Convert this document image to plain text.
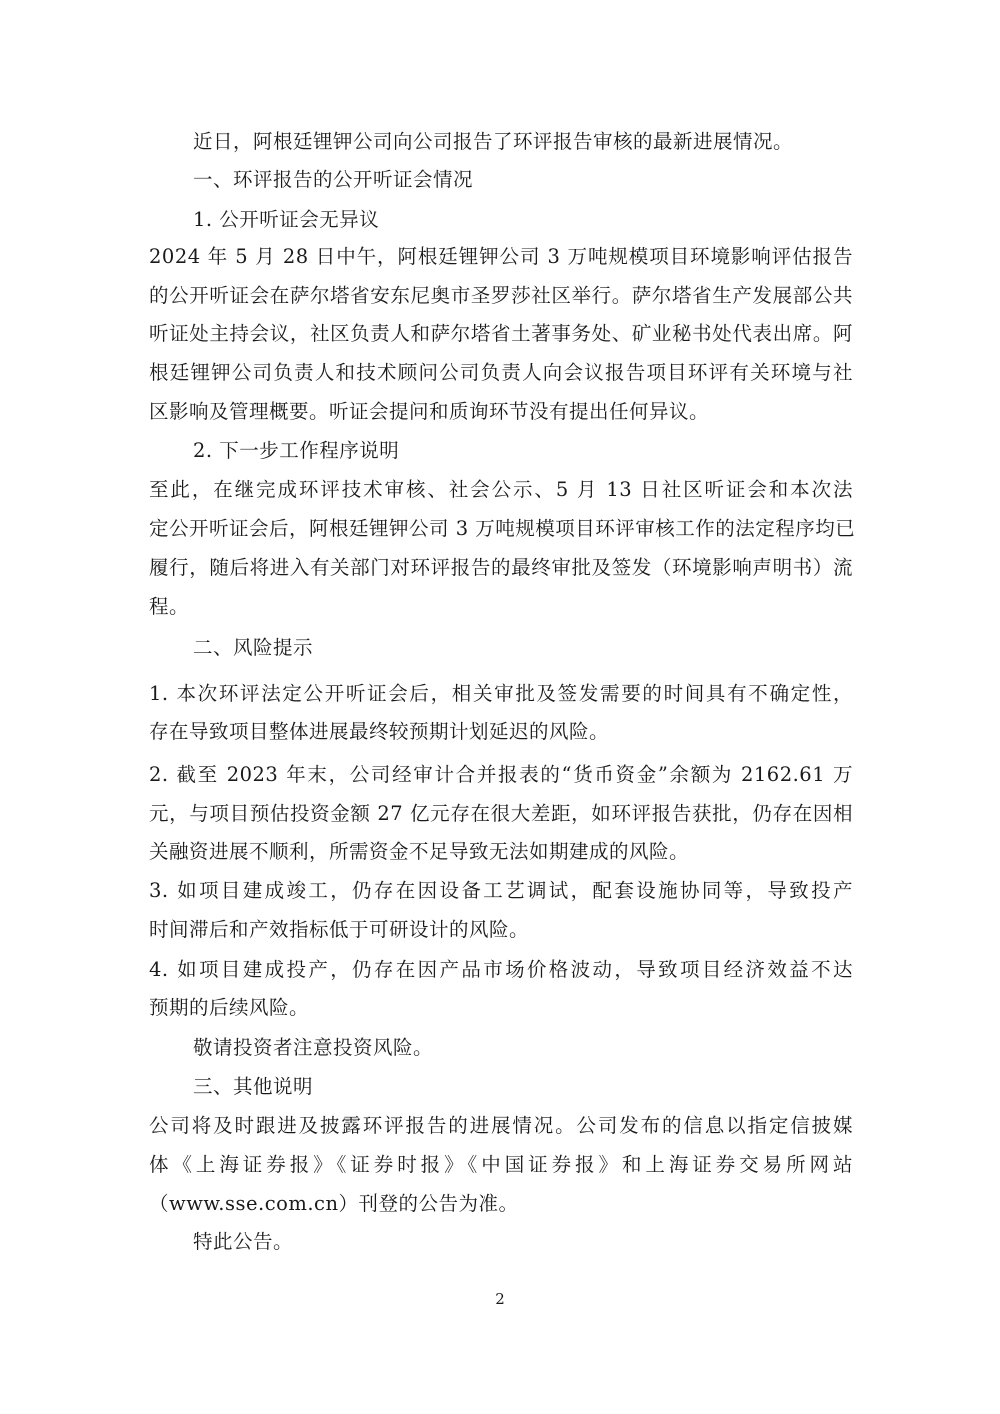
近日，阿根廷锂钾公司向公司报告了环评报告审核的最新进展情况。
一、环评报告的公开听证会情况
1. 公开听证会无异议
2024 年 5 月 28 日中午，阿根廷锂钾公司 3 万吨规模项目环境影响评估报告
的公开听证会在萨尔塔省安东尼奥市圣罗莎社区举行。萨尔塔省生产发展部公共
听证处主持会议，社区负责人和萨尔塔省土著事务处、矿业秘书处代表出席。阿
根廷锂钾公司负责人和技术顾问公司负责人向会议报告项目环评有关环境与社
区影响及管理概要。听证会提问和质询环节没有提出任何异议。
2. 下一步工作程序说明
至此，在继完成环评技术审核、社会公示、5 月 13 日社区听证会和本次法
定公开听证会后，阿根廷锂钾公司 3 万吨规模项目环评审核工作的法定程序均已
履行，随后将进入有关部门对环评报告的最终审批及签发（环境影响声明书）流
程。
二、风险提示
1. 本次环评法定公开听证会后，相关审批及签发需要的时间具有不确定性，
存在导致项目整体进展最终较预期计划延迟的风险。
2. 截至 2023 年末，公司经审计合并报表的“货币资金”余额为 2162.61 万
元，与项目预估投资金额 27 亿元存在很大差距，如环评报告获批，仍存在因相
关融资进展不顺利，所需资金不足导致无法如期建成的风险。
3. 如项目建成竣工，仍存在因设备工艺调试，配套设施协同等，导致投产
时间滞后和产效指标低于可研设计的风险。
4. 如项目建成投产，仍存在因产品市场价格波动，导致项目经济效益不达
预期的后续风险。
敬请投资者注意投资风险。
三、其他说明
公司将及时跟进及披露环评报告的进展情况。公司发布的信息以指定信披媒
体《上海证券报》《证券时报》《中国证券报》和上海证券交易所网站
（www.sse.com.cn）刊登的公告为准。
特此公告。
2
